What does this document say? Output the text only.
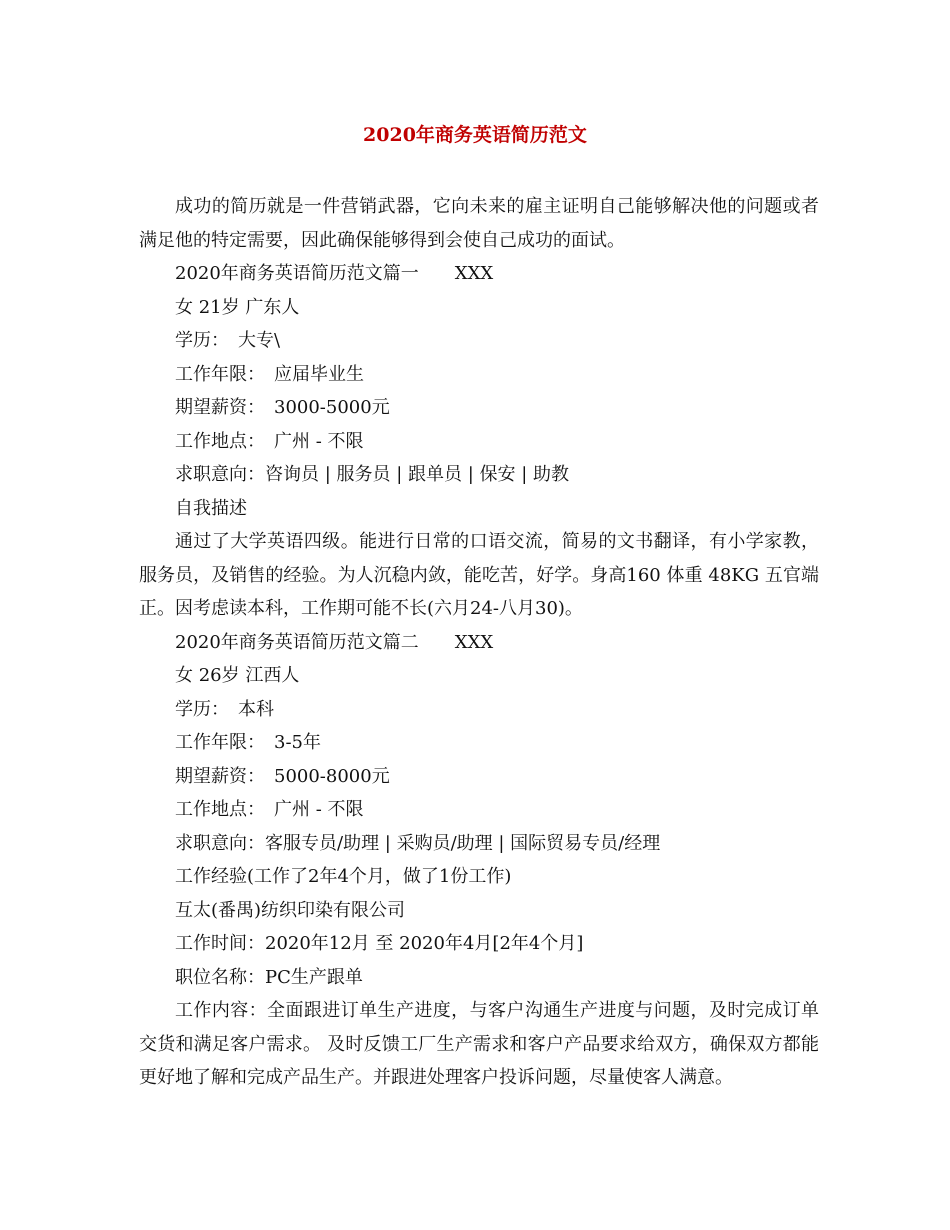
2020年商务英语简历范文

成功的简历就是一件营销武器，它向未来的雇主证明自己能够解决他的问题或者满足他的特定需要，因此确保能够得到会使自己成功的面试。

2020年商务英语简历范文篇一　　XXX

女 21岁 广东人

学历：　大专\

工作年限：　应届毕业生

期望薪资：　3000-5000元

工作地点：　广州 - 不限

求职意向：咨询员 | 服务员 | 跟单员 | 保安 | 助教

自我描述

通过了大学英语四级。能进行日常的口语交流，简易的文书翻译，有小学家教，服务员，及销售的经验。为人沉稳内敛，能吃苦，好学。身高160 体重 48KG 五官端正。因考虑读本科，工作期可能不长(六月24-八月30)。

2020年商务英语简历范文篇二　　XXX

女 26岁 江西人

学历：　本科

工作年限：　3-5年

期望薪资：　5000-8000元

工作地点：　广州 - 不限

求职意向：客服专员/助理 | 采购员/助理 | 国际贸易专员/经理

工作经验(工作了2年4个月，做了1份工作)

互太(番禺)纺织印染有限公司

工作时间：2020年12月 至 2020年4月[2年4个月]

职位名称：PC生产跟单

工作内容：全面跟进订单生产进度，与客户沟通生产进度与问题，及时完成订单交货和满足客户需求。 及时反馈工厂生产需求和客户产品要求给双方，确保双方都能更好地了解和完成产品生产。并跟进处理客户投诉问题，尽量使客人满意。
